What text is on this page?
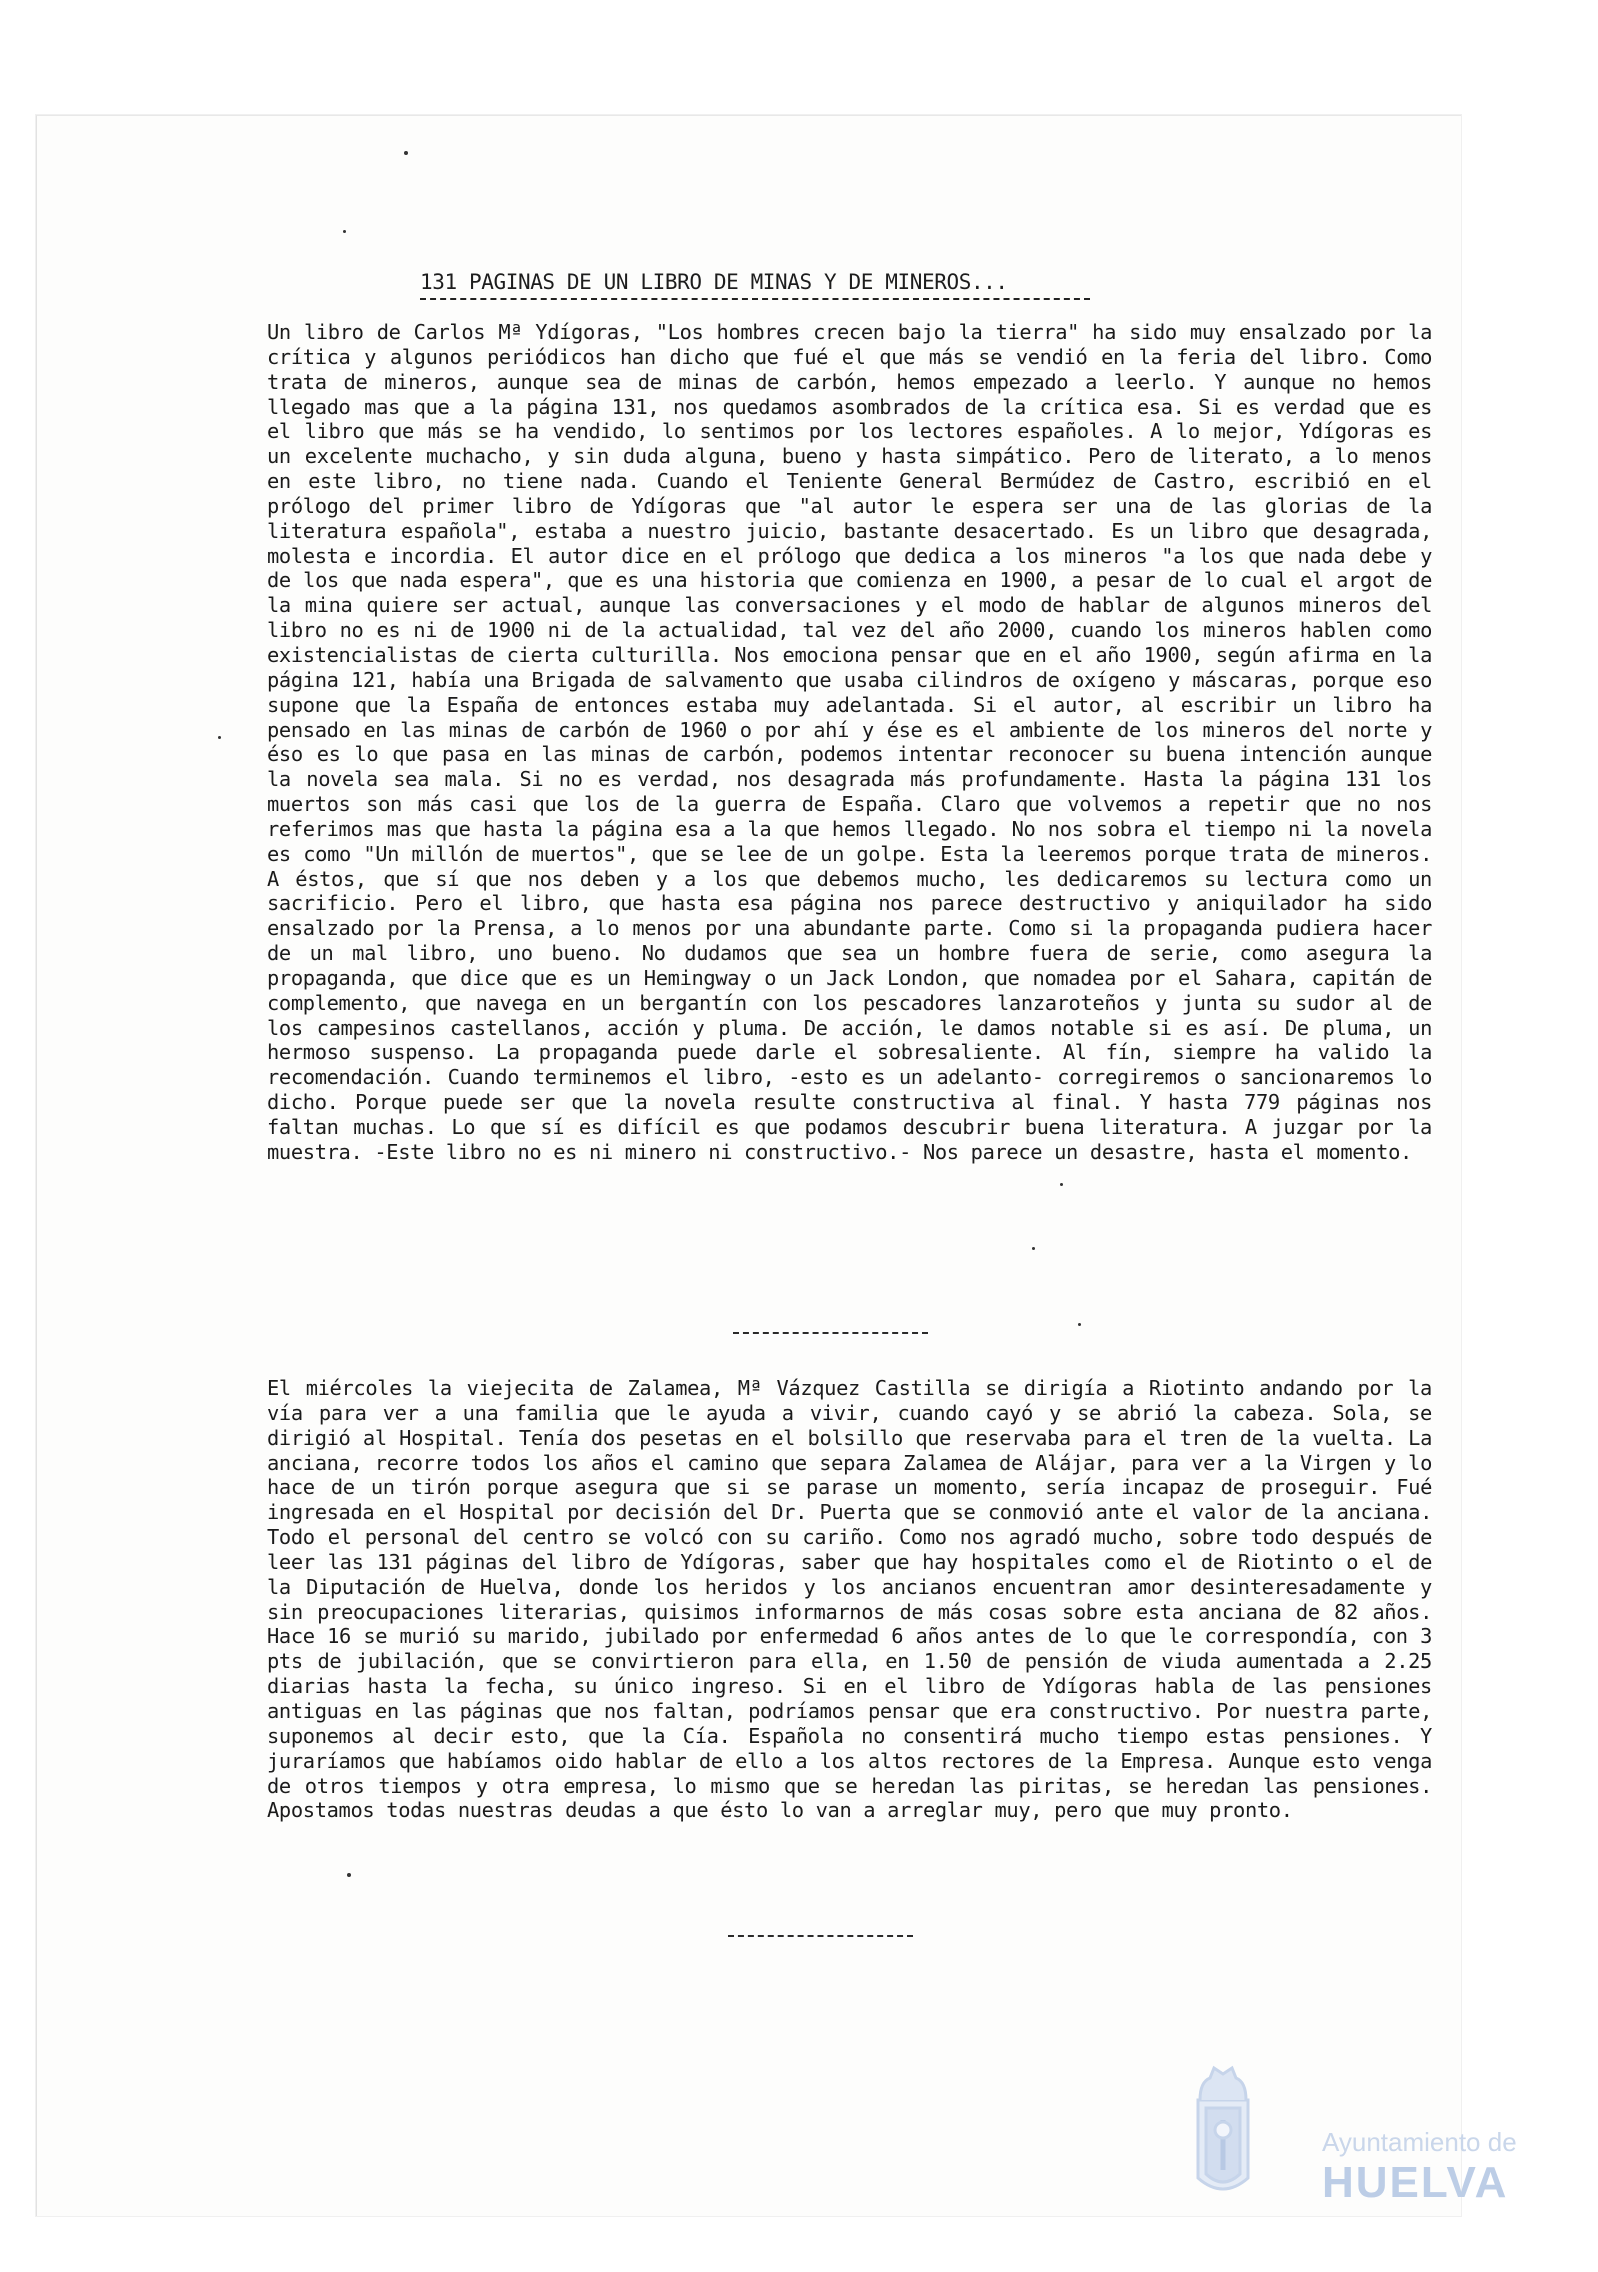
131 PAGINAS DE UN LIBRO DE MINAS Y DE MINEROS...

Un libro de Carlos Mª Ydígoras, "Los hombres crecen bajo la tierra" ha sido muy ensalzado por la crítica y algunos periódicos han dicho que fué el que más se vendió en la feria del libro. Como trata de mineros, aunque sea de minas de carbón, hemos empezado a leerlo. Y aunque no hemos llegado mas que a la página 131, nos quedamos asombrados de la crítica esa. Si es verdad que es el libro que más se ha vendido, lo sentimos por los lectores españoles. A lo mejor, Ydígoras es un excelente muchacho, y sin duda alguna, bueno y hasta simpático. Pero de literato, a lo menos en este libro, no tiene nada. Cuando el Teniente General Bermúdez de Castro, escribió en el prólogo del primer libro de Ydígoras que "al autor le espera ser una de las glorias de la literatura española", estaba a nuestro juicio, bastante desacertado. Es un libro que desagrada, molesta e incordia. El autor dice en el prólogo que dedica a los mineros "a los que nada debe y de los que nada espera", que es una historia que comienza en 1900, a pesar de lo cual el argot de la mina quiere ser actual, aunque las conversaciones y el modo de hablar de algunos mineros del libro no es ni de 1900 ni de la actualidad, tal vez del año 2000, cuando los mineros hablen como existencialistas de cierta culturilla. Nos emociona pensar que en el año 1900, según afirma en la página 121, había una Brigada de salvamento que usaba cilindros de oxígeno y máscaras, porque eso supone que la España de entonces estaba muy adelantada. Si el autor, al escribir un libro ha pensado en las minas de carbón de 1960 o por ahí y ése es el ambiente de los mineros del norte y éso es lo que pasa en las minas de carbón, podemos intentar reconocer su buena intención aunque la novela sea mala. Si no es verdad, nos desagrada más profundamente. Hasta la página 131 los muertos son más casi que los de la guerra de España. Claro que volvemos a repetir que no nos referimos mas que hasta la página esa a la que hemos llegado. No nos sobra el tiempo ni la novela es como "Un millón de muertos", que se lee de un golpe. Esta la leeremos porque trata de mineros. A éstos, que sí que nos deben y a los que debemos mucho, les dedicaremos su lectura como un sacrificio. Pero el libro, que hasta esa página nos parece destructivo y aniquilador ha sido ensalzado por la Prensa, a lo menos por una abundante parte. Como si la propaganda pudiera hacer de un mal libro, uno bueno. No dudamos que sea un hombre fuera de serie, como asegura la propaganda, que dice que es un Hemingway o un Jack London, que nomadea por el Sahara, capitán de complemento, que navega en un bergantín con los pescadores lanzaroteños y junta su sudor al de los campesinos castellanos, acción y pluma. De acción, le damos notable si es así. De pluma, un hermoso suspenso. La propaganda puede darle el sobresaliente. Al fín, siempre ha valido la recomendación. Cuando terminemos el libro, -esto es un adelanto- corregiremos o sancionaremos lo dicho. Porque puede ser que la novela resulte constructiva al final. Y hasta 779 páginas nos faltan muchas. Lo que sí es difícil es que podamos descubrir buena literatura. A juzgar por la muestra. -Este libro no es ni minero ni constructivo.- Nos parece un desastre, hasta el momento.

El miércoles la viejecita de Zalamea, Mª Vázquez Castilla se dirigía a Riotinto andando por la vía para ver a una familia que le ayuda a vivir, cuando cayó y se abrió la cabeza. Sola, se dirigió al Hospital. Tenía dos pesetas en el bolsillo que reservaba para el tren de la vuelta. La anciana, recorre todos los años el camino que separa Zalamea de Alájar, para ver a la Virgen y lo hace de un tirón porque asegura que si se parase un momento, sería incapaz de proseguir. Fué ingresada en el Hospital por decisión del Dr. Puerta que se conmovió ante el valor de la anciana. Todo el personal del centro se volcó con su cariño. Como nos agradó mucho, sobre todo después de leer las 131 páginas del libro de Ydígoras, saber que hay hospitales como el de Riotinto o el de la Diputación de Huelva, donde los heridos y los ancianos encuentran amor desinteresadamente y sin preocupaciones literarias, quisimos informarnos de más cosas sobre esta anciana de 82 años. Hace 16 se murió su marido, jubilado por enfermedad 6 años antes de lo que le correspondía, con 3 pts de jubilación, que se convirtieron para ella, en 1.50 de pensión de viuda aumentada a 2.25 diarias hasta la fecha, su único ingreso. Si en el libro de Ydígoras habla de las pensiones antiguas en las páginas que nos faltan, podríamos pensar que era constructivo. Por nuestra parte, suponemos al decir esto, que la Cía. Española no consentirá mucho tiempo estas pensiones. Y juraríamos que habíamos oido hablar de ello a los altos rectores de la Empresa. Aunque esto venga de otros tiempos y otra empresa, lo mismo que se heredan las piritas, se heredan las pensiones. Apostamos todas nuestras deudas a que ésto lo van a arreglar muy, pero que muy pronto.

Ayuntamiento de
HUELVA
